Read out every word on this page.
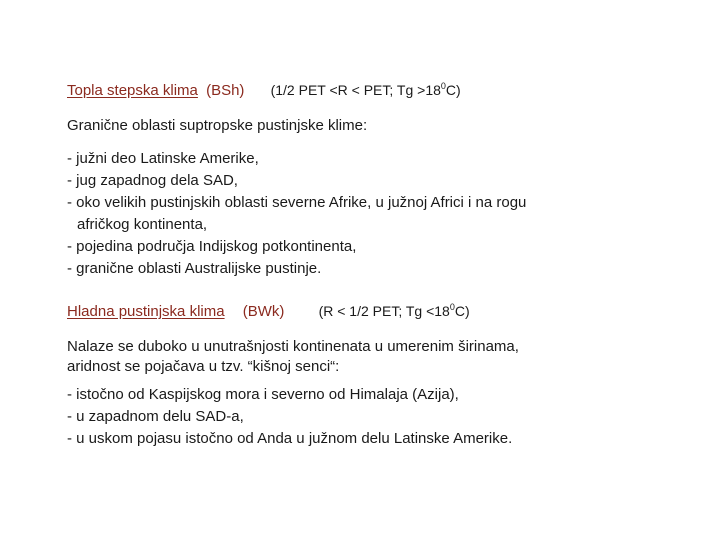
Topla stepska klima (BSh) (1/2 PET <R < PET; $Tg >18^0C$)
Granične oblasti suptropske pustinjske klime:
- južni deo Latinske Amerike,
- jug zapadnog dela SAD,
- oko velikih pustinjskih oblasti severne Afrike, u južnoj Africi i na rogu
afričkog kontinenta,
- pojedina područja Indijskog potkontinenta,
- granične oblasti Australijske pustinje.
Hladna pustinjska klima (BWk) (R < 1/2 PET; $Tg <18^0C$)
Nalaze se duboko u unutrašnjosti kontinenata u umerenim širinama,
aridnost se pojačava u tzv. “kišnoj senci“:
- istočno od Kaspijskog mora i severno od Himalaja (Azija),
- u zapadnom delu SAD-a,
- u uskom pojasu istočno od Anda u južnom delu Latinske Amerike.
